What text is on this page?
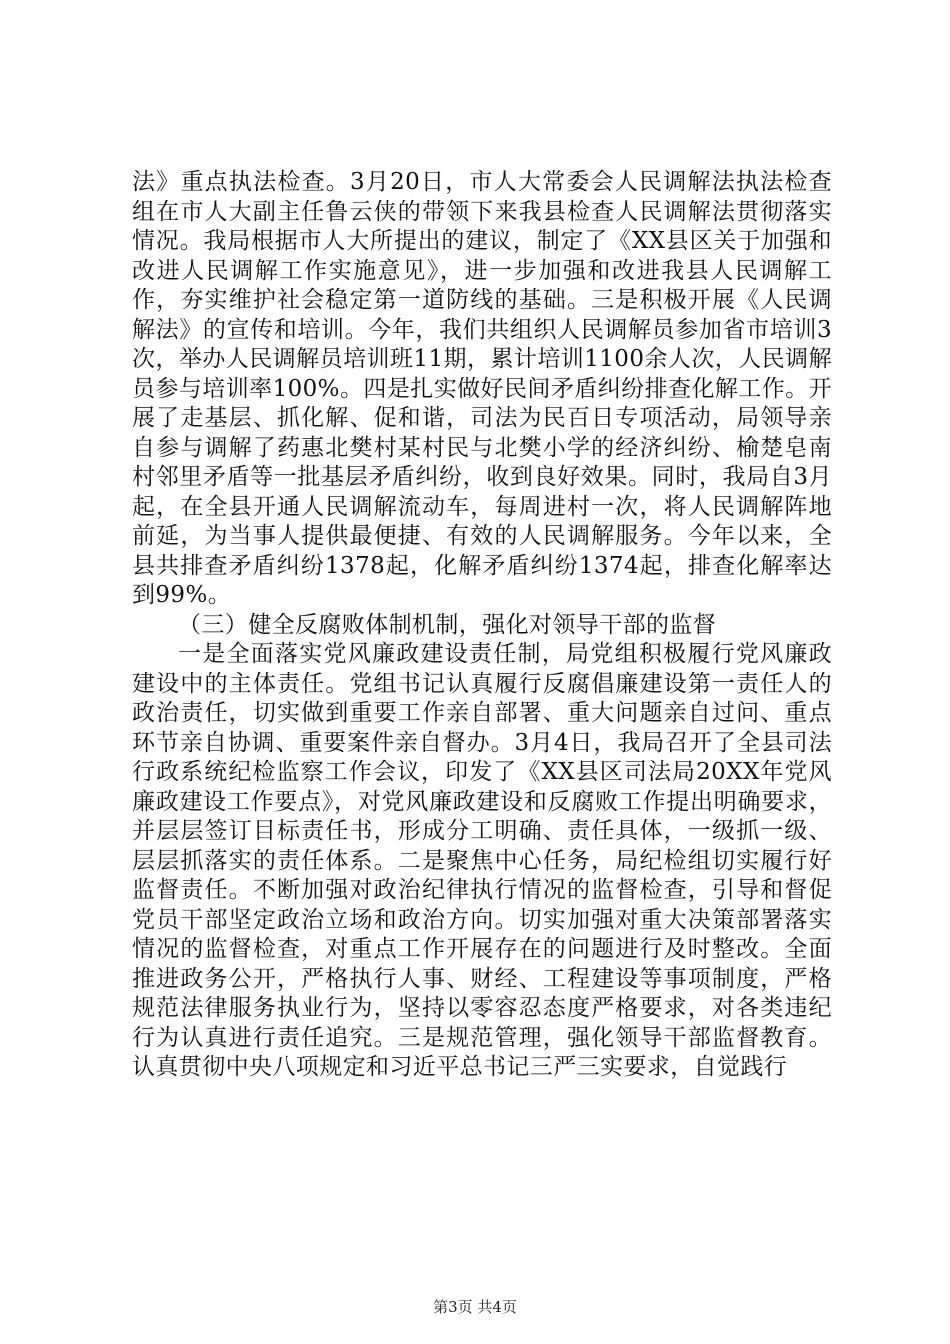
法》重点执法检查。3月20日，市人大常委会人民调解法执法检查组在市人大副主任鲁云侠的带领下来我县检查人民调解法贯彻落实情况。我局根据市人大所提出的建议，制定了《XX县区关于加强和改进人民调解工作实施意见》，进一步加强和改进我县人民调解工作，夯实维护社会稳定第一道防线的基础。三是积极开展《人民调解法》的宣传和培训。今年，我们共组织人民调解员参加省市培训3次，举办人民调解员培训班11期，累计培训1100余人次，人民调解员参与培训率100%。四是扎实做好民间矛盾纠纷排查化解工作。开展了走基层、抓化解、促和谐，司法为民百日专项活动，局领导亲自参与调解了药惠北樊村某村民与北樊小学的经济纠纷、榆楚皂南村邻里矛盾等一批基层矛盾纠纷，收到良好效果。同时，我局自3月起，在全县开通人民调解流动车，每周进村一次，将人民调解阵地前延，为当事人提供最便捷、有效的人民调解服务。今年以来，全县共排查矛盾纠纷1378起，化解矛盾纠纷1374起，排查化解率达到99%。

（三）健全反腐败体制机制，强化对领导干部的监督

一是全面落实党风廉政建设责任制，局党组积极履行党风廉政建设中的主体责任。党组书记认真履行反腐倡廉建设第一责任人的政治责任，切实做到重要工作亲自部署、重大问题亲自过问、重点环节亲自协调、重要案件亲自督办。3月4日，我局召开了全县司法行政系统纪检监察工作会议，印发了《XX县区司法局20XX年党风廉政建设工作要点》，对党风廉政建设和反腐败工作提出明确要求，并层层签订目标责任书，形成分工明确、责任具体，一级抓一级、层层抓落实的责任体系。二是聚焦中心任务，局纪检组切实履行好监督责任。不断加强对政治纪律执行情况的监督检查，引导和督促党员干部坚定政治立场和政治方向。切实加强对重大决策部署落实情况的监督检查，对重点工作开展存在的问题进行及时整改。全面推进政务公开，严格执行人事、财经、工程建设等事项制度，严格规范法律服务执业行为，坚持以零容忍态度严格要求，对各类违纪行为认真进行责任追究。三是规范管理，强化领导干部监督教育。认真贯彻中央八项规定和习近平总书记三严三实要求，自觉践行

第3页 共4页
